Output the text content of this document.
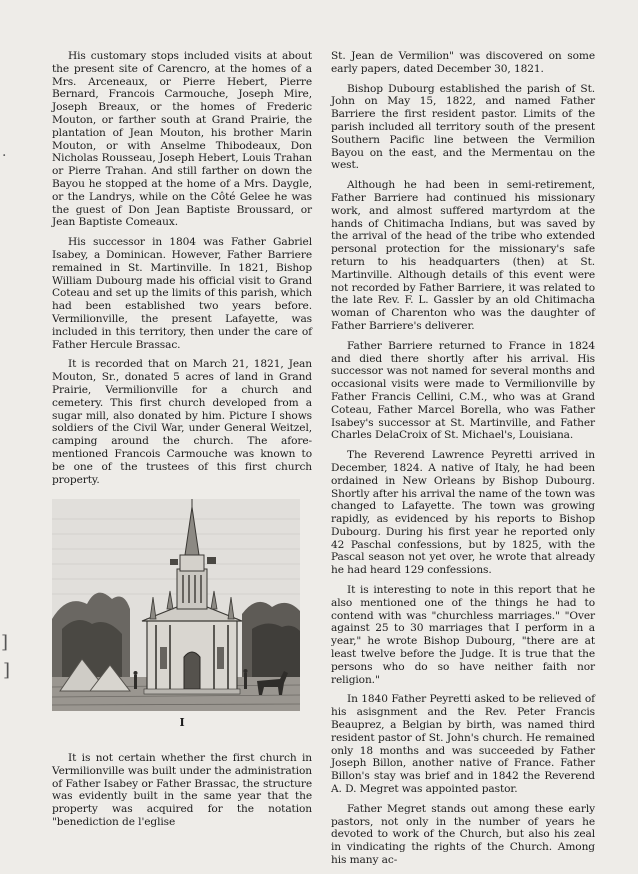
·
]
]

His customary stops included visits at about the present site of Carencro, at the homes of a Mrs. Arceneaux, or Pierre Hebert, Pierre Bernard, Francois Carmouche, Joseph Mire, Joseph Breaux, or the homes of Frederic Mouton, or farther south at Grand Prairie, the plantation of Jean Mouton, his brother Marin Mouton, or with Anselme Thibodeaux, Don Nicholas Rousseau, Joseph Hebert, Louis Trahan or Pierre Trahan. And still farther on down the Bayou he stopped at the home of a Mrs. Daygle, or the Landrys, while on the Côté Gelee he was the guest of Don Jean Baptiste Broussard, or Jean Baptiste Comeaux.

His successor in 1804 was Father Gabriel Isabey, a Dominican. However, Father Barriere remained in St. Martinville. In 1821, Bishop William Dubourg made his official visit to Grand Coteau and set up the limits of this parish, which had been established two years before. Vermilionville, the present Lafayette, was included in this territory, then under the care of Father Hercule Brassac.

It is recorded that on March 21, 1821, Jean Mouton, Sr., donated 5 acres of land in Grand Prairie, Vermilionville for a church and cemetery. This first church developed from a sugar mill, also donated by him. Picture I shows soldiers of the Civil War, under General Weitzel, camping around the church. The afore-mentioned Francois Carmouche was known to be one of the trustees of this first church property.

I

It is not certain whether the first church in Vermilionville was built under the administration of Father Isabey or Father Brassac, the structure was evidently built in the same year that the property was acquired for the notation "benediction de l'eglise

St. Jean de Vermilion" was discovered on some early papers, dated December 30, 1821.

Bishop Dubourg established the parish of St. John on May 15, 1822, and named Father Barriere the first resident pastor. Limits of the parish included all territory south of the present Southern Pacific line between the Vermilion Bayou on the east, and the Mermentau on the west.

Although he had been in semi-retirement, Father Barriere had continued his missionary work, and almost suffered martyrdom at the hands of Chitimacha Indians, but was saved by the arrival of the head of the tribe who extended personal protection for the missionary's safe return to his headquarters (then) at St. Martinville. Although details of this event were not recorded by Father Barriere, it was related to the late Rev. F. L. Gassler by an old Chitimacha woman of Charenton who was the daughter of Father Barriere's deliverer.

Father Barriere returned to France in 1824 and died there shortly after his arrival. His successor was not named for several months and occasional visits were made to Vermilionville by Father Francis Cellini, C.M., who was at Grand Coteau, Father Marcel Borella, who was Father Isabey's successor at St. Martinville, and Father Charles DelaCroix of St. Michael's, Louisiana.

The Reverend Lawrence Peyretti arrived in December, 1824. A native of Italy, he had been ordained in New Orleans by Bishop Dubourg. Shortly after his arrival the name of the town was changed to Lafayette. The town was growing rapidly, as evidenced by his reports to Bishop Dubourg. During his first year he reported only 42 Paschal confessions, but by 1825, with the Pascal season not yet over, he wrote that already he had heard 129 confessions.

It is interesting to note in this report that he also mentioned one of the things he had to contend with was "churchless marriages." "Over against 25 to 30 marriages that I perform in a year," he wrote Bishop Dubourg, "there are at least twelve before the Judge. It is true that the persons who do so have neither faith nor religion."

In 1840 Father Peyretti asked to be relieved of his asisgnment and the Rev. Peter Francis Beauprez, a Belgian by birth, was named third resident pastor of St. John's church. He remained only 18 months and was succeeded by Father Joseph Billon, another native of France. Father Billon's stay was brief and in 1842 the Reverend A. D. Megret was appointed pastor.

Father Megret stands out among these early pastors, not only in the number of years he devoted to work of the Church, but also his zeal in vindicating the rights of the Church. Among his many ac-
